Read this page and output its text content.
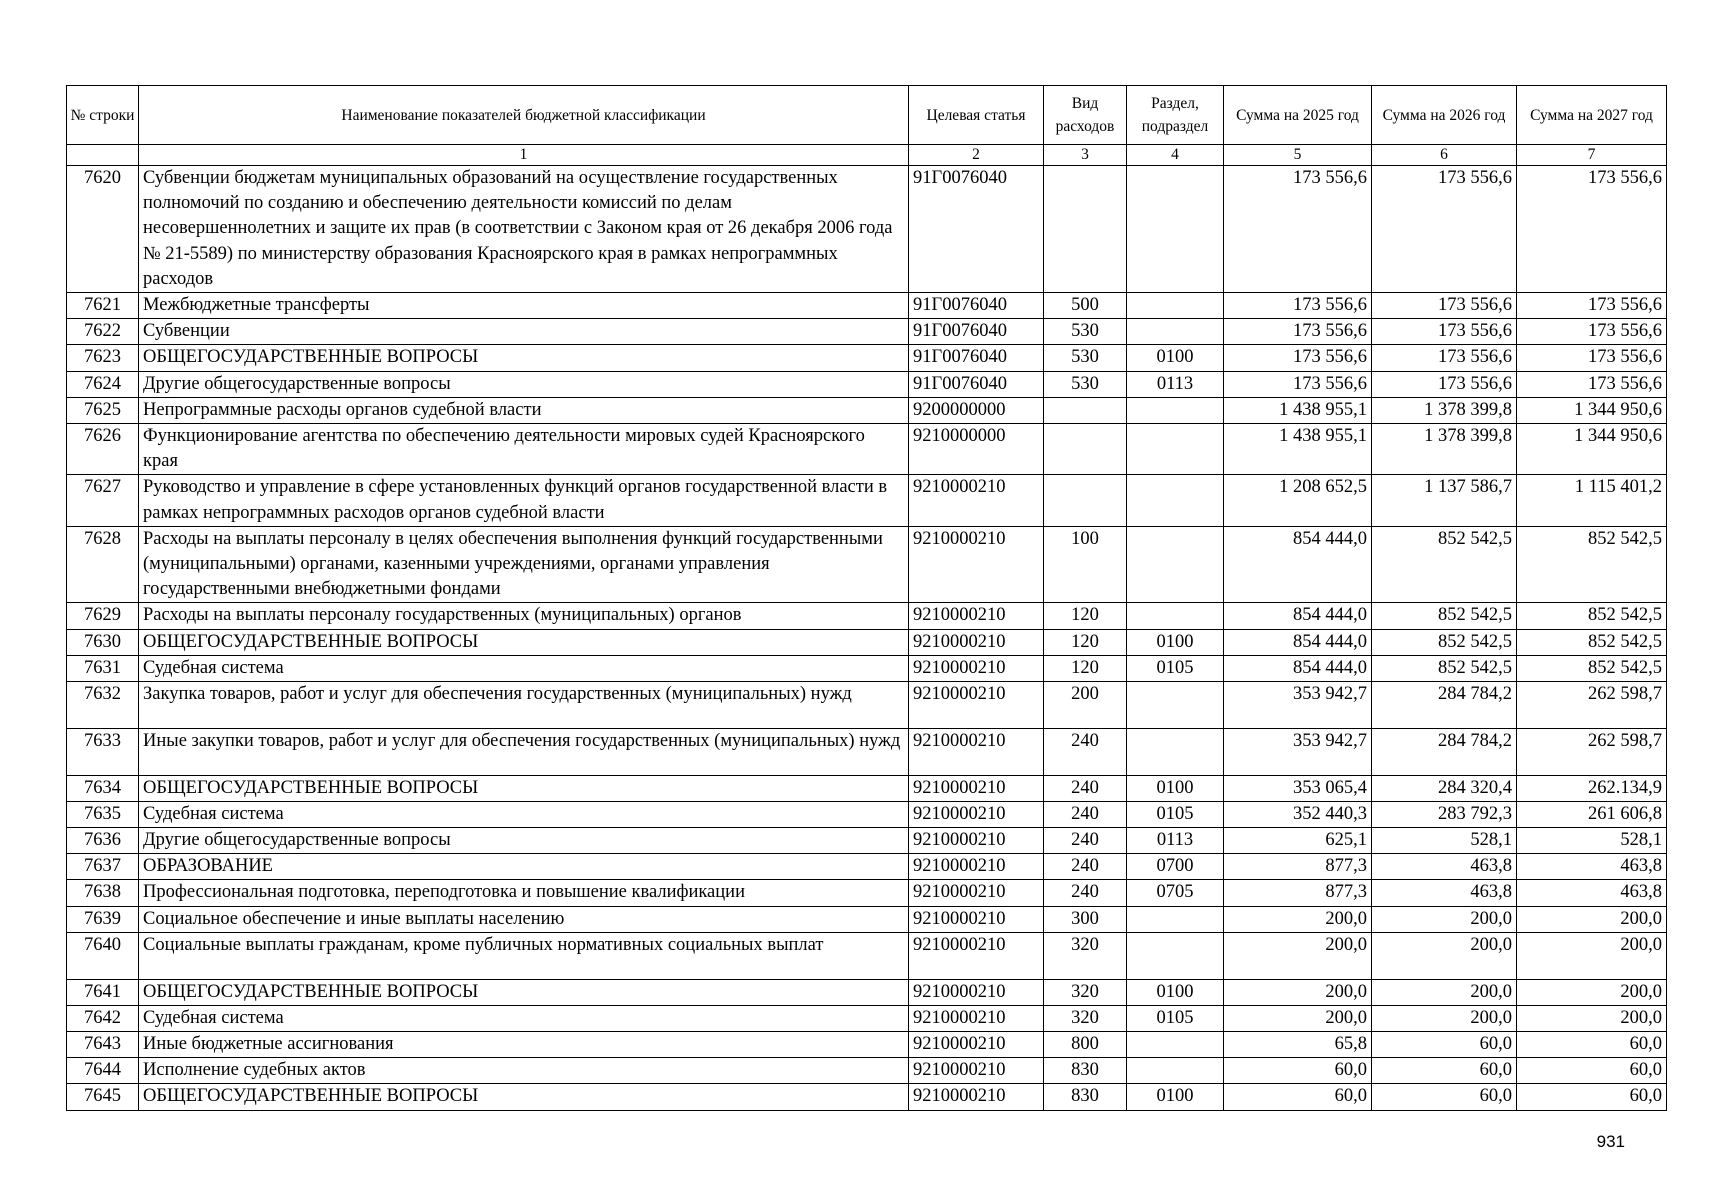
№ строки	Наименование показателей бюджетной классификации	Целевая статья	Вид расходов	Раздел, подраздел	Сумма на 2025 год	Сумма на 2026 год	Сумма на 2027 год
	1	2	3	4	5	6	7
7620	Субвенции бюджетам муниципальных образований на осуществление государственных полномочий по созданию и обеспечению деятельности комиссий по делам несовершеннолетних и защите их прав (в соответствии с Законом края от 26 декабря 2006 года № 21-5589) по министерству образования Красноярского края в рамках непрограммных расходов	91Г0076040			173 556,6	173 556,6	173 556,6
7621	Межбюджетные трансферты	91Г0076040	500		173 556,6	173 556,6	173 556,6
7622	Субвенции	91Г0076040	530		173 556,6	173 556,6	173 556,6
7623	ОБЩЕГОСУДАРСТВЕННЫЕ ВОПРОСЫ	91Г0076040	530	0100	173 556,6	173 556,6	173 556,6
7624	Другие общегосударственные вопросы	91Г0076040	530	0113	173 556,6	173 556,6	173 556,6
7625	Непрограммные расходы органов судебной власти	9200000000			1 438 955,1	1 378 399,8	1 344 950,6
7626	Функционирование агентства по обеспечению деятельности мировых судей Красноярского края	9210000000			1 438 955,1	1 378 399,8	1 344 950,6
7627	Руководство и управление в сфере установленных функций органов государственной власти в рамках непрограммных расходов органов судебной власти	9210000210			1 208 652,5	1 137 586,7	1 115 401,2
7628	Расходы на выплаты персоналу в целях обеспечения выполнения функций государственными (муниципальными) органами, казенными учреждениями, органами управления государственными внебюджетными фондами	9210000210	100		854 444,0	852 542,5	852 542,5
7629	Расходы на выплаты персоналу государственных (муниципальных) органов	9210000210	120		854 444,0	852 542,5	852 542,5
7630	ОБЩЕГОСУДАРСТВЕННЫЕ ВОПРОСЫ	9210000210	120	0100	854 444,0	852 542,5	852 542,5
7631	Судебная система	9210000210	120	0105	854 444,0	852 542,5	852 542,5
7632	Закупка товаров, работ и услуг для обеспечения государственных (муниципальных) нужд	9210000210	200		353 942,7	284 784,2	262 598,7
7633	Иные закупки товаров, работ и услуг для обеспечения государственных (муниципальных) нужд	9210000210	240		353 942,7	284 784,2	262 598,7
7634	ОБЩЕГОСУДАРСТВЕННЫЕ ВОПРОСЫ	9210000210	240	0100	353 065,4	284 320,4	262.134,9
7635	Судебная система	9210000210	240	0105	352 440,3	283 792,3	261 606,8
7636	Другие общегосударственные вопросы	9210000210	240	0113	625,1	528,1	528,1
7637	ОБРАЗОВАНИЕ	9210000210	240	0700	877,3	463,8	463,8
7638	Профессиональная подготовка, переподготовка и повышение квалификации	9210000210	240	0705	877,3	463,8	463,8
7639	Социальное обеспечение и иные выплаты населению	9210000210	300		200,0	200,0	200,0
7640	Социальные выплаты гражданам, кроме публичных нормативных социальных выплат	9210000210	320		200,0	200,0	200,0
7641	ОБЩЕГОСУДАРСТВЕННЫЕ ВОПРОСЫ	9210000210	320	0100	200,0	200,0	200,0
7642	Судебная система	9210000210	320	0105	200,0	200,0	200,0
7643	Иные бюджетные ассигнования	9210000210	800		65,8	60,0	60,0
7644	Исполнение судебных актов	9210000210	830		60,0	60,0	60,0
7645	ОБЩЕГОСУДАРСТВЕННЫЕ ВОПРОСЫ	9210000210	830	0100	60,0	60,0	60,0
931
